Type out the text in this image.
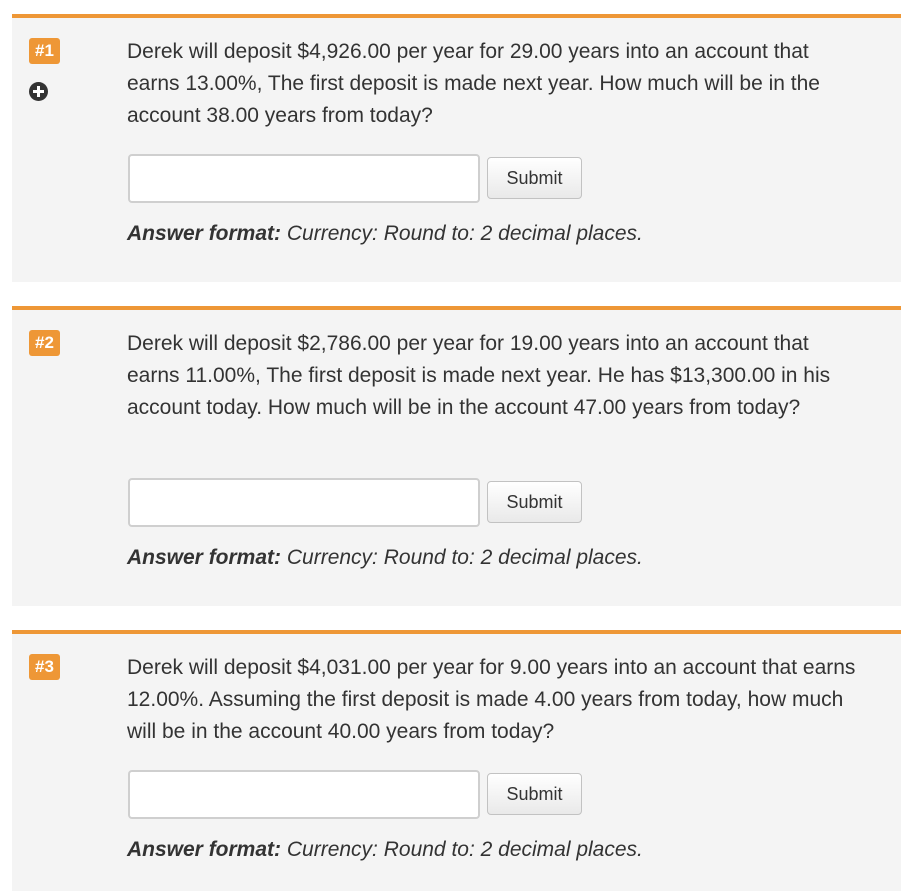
#1	Derek will deposit $4,926.00 per year for 29.00 years into an account that earns 13.00%, The first deposit is made next year. How much will be in the account 38.00 years from today?
Submit
Answer format: Currency: Round to: 2 decimal places.
#2	Derek will deposit $2,786.00 per year for 19.00 years into an account that earns 11.00%, The first deposit is made next year. He has $13,300.00 in his account today. How much will be in the account 47.00 years from today?
Submit
Answer format: Currency: Round to: 2 decimal places.
#3	Derek will deposit $4,031.00 per year for 9.00 years into an account that earns 12.00%. Assuming the first deposit is made 4.00 years from today, how much will be in the account 40.00 years from today?
Submit
Answer format: Currency: Round to: 2 decimal places.
